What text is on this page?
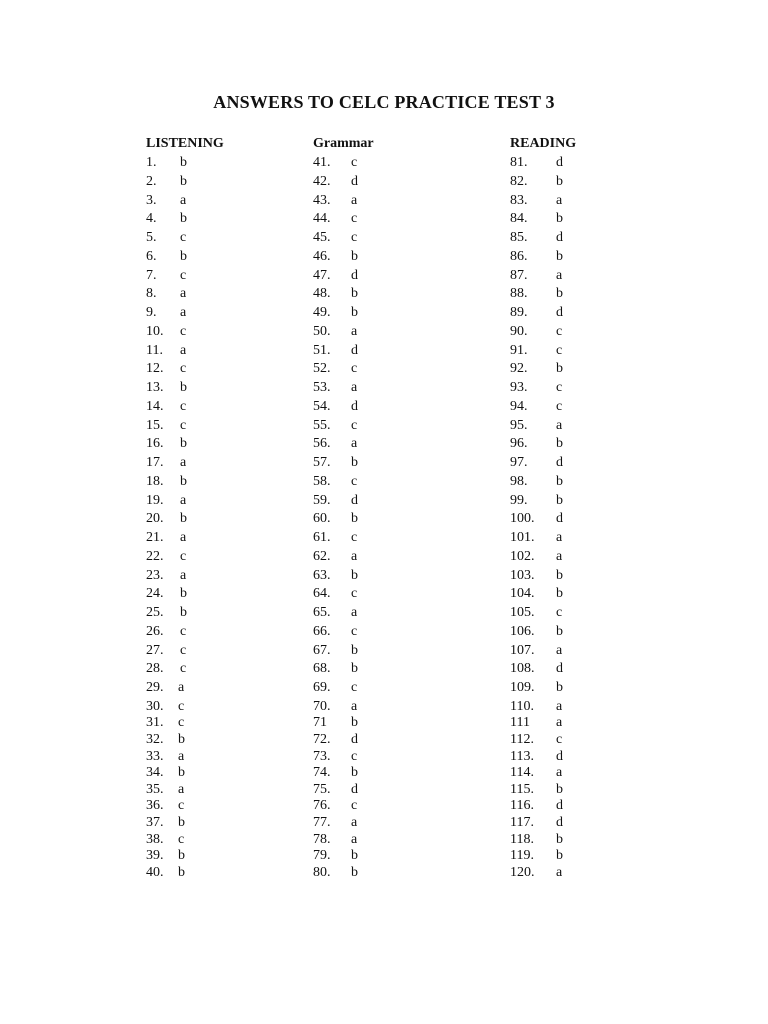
ANSWERS TO CELC PRACTICE TEST 3
LISTENING
1. b
2. b
3. a
4. b
5. c
6. b
7. c
8. a
9. a
10. c
11. a
12. c
13. b
14. c
15. c
16. b
17. a
18. b
19. a
20. b
21. a
22. c
23. a
24. b
25. b
26. c
27. c
28. c
29. a
30. c
31. c
32. b
33. a
34. b
35. a
36. c
37. b
38. c
39. b
40. b
Grammar
41. c
42. d
43. a
44. c
45. c
46. b
47. d
48. b
49. b
50. a
51. d
52. c
53. a
54. d
55. c
56. a
57. b
58. c
59. d
60. b
61. c
62. a
63. b
64. c
65. a
66. c
67. b
68. b
69. c
70. a
71 b
72. d
73. c
74. b
75. d
76. c
77. a
78. a
79. b
80. b
READING
81. d
82. b
83. a
84. b
85. d
86. b
87. a
88. b
89. d
90. c
91. c
92. b
93. c
94. c
95. a
96. b
97. d
98. b
99. b
100. d
101. a
102. a
103. b
104. b
105. c
106. b
107. a
108. d
109. b
110. a
111 a
112. c
113. d
114. a
115. b
116. d
117. d
118. b
119. b
120. a
